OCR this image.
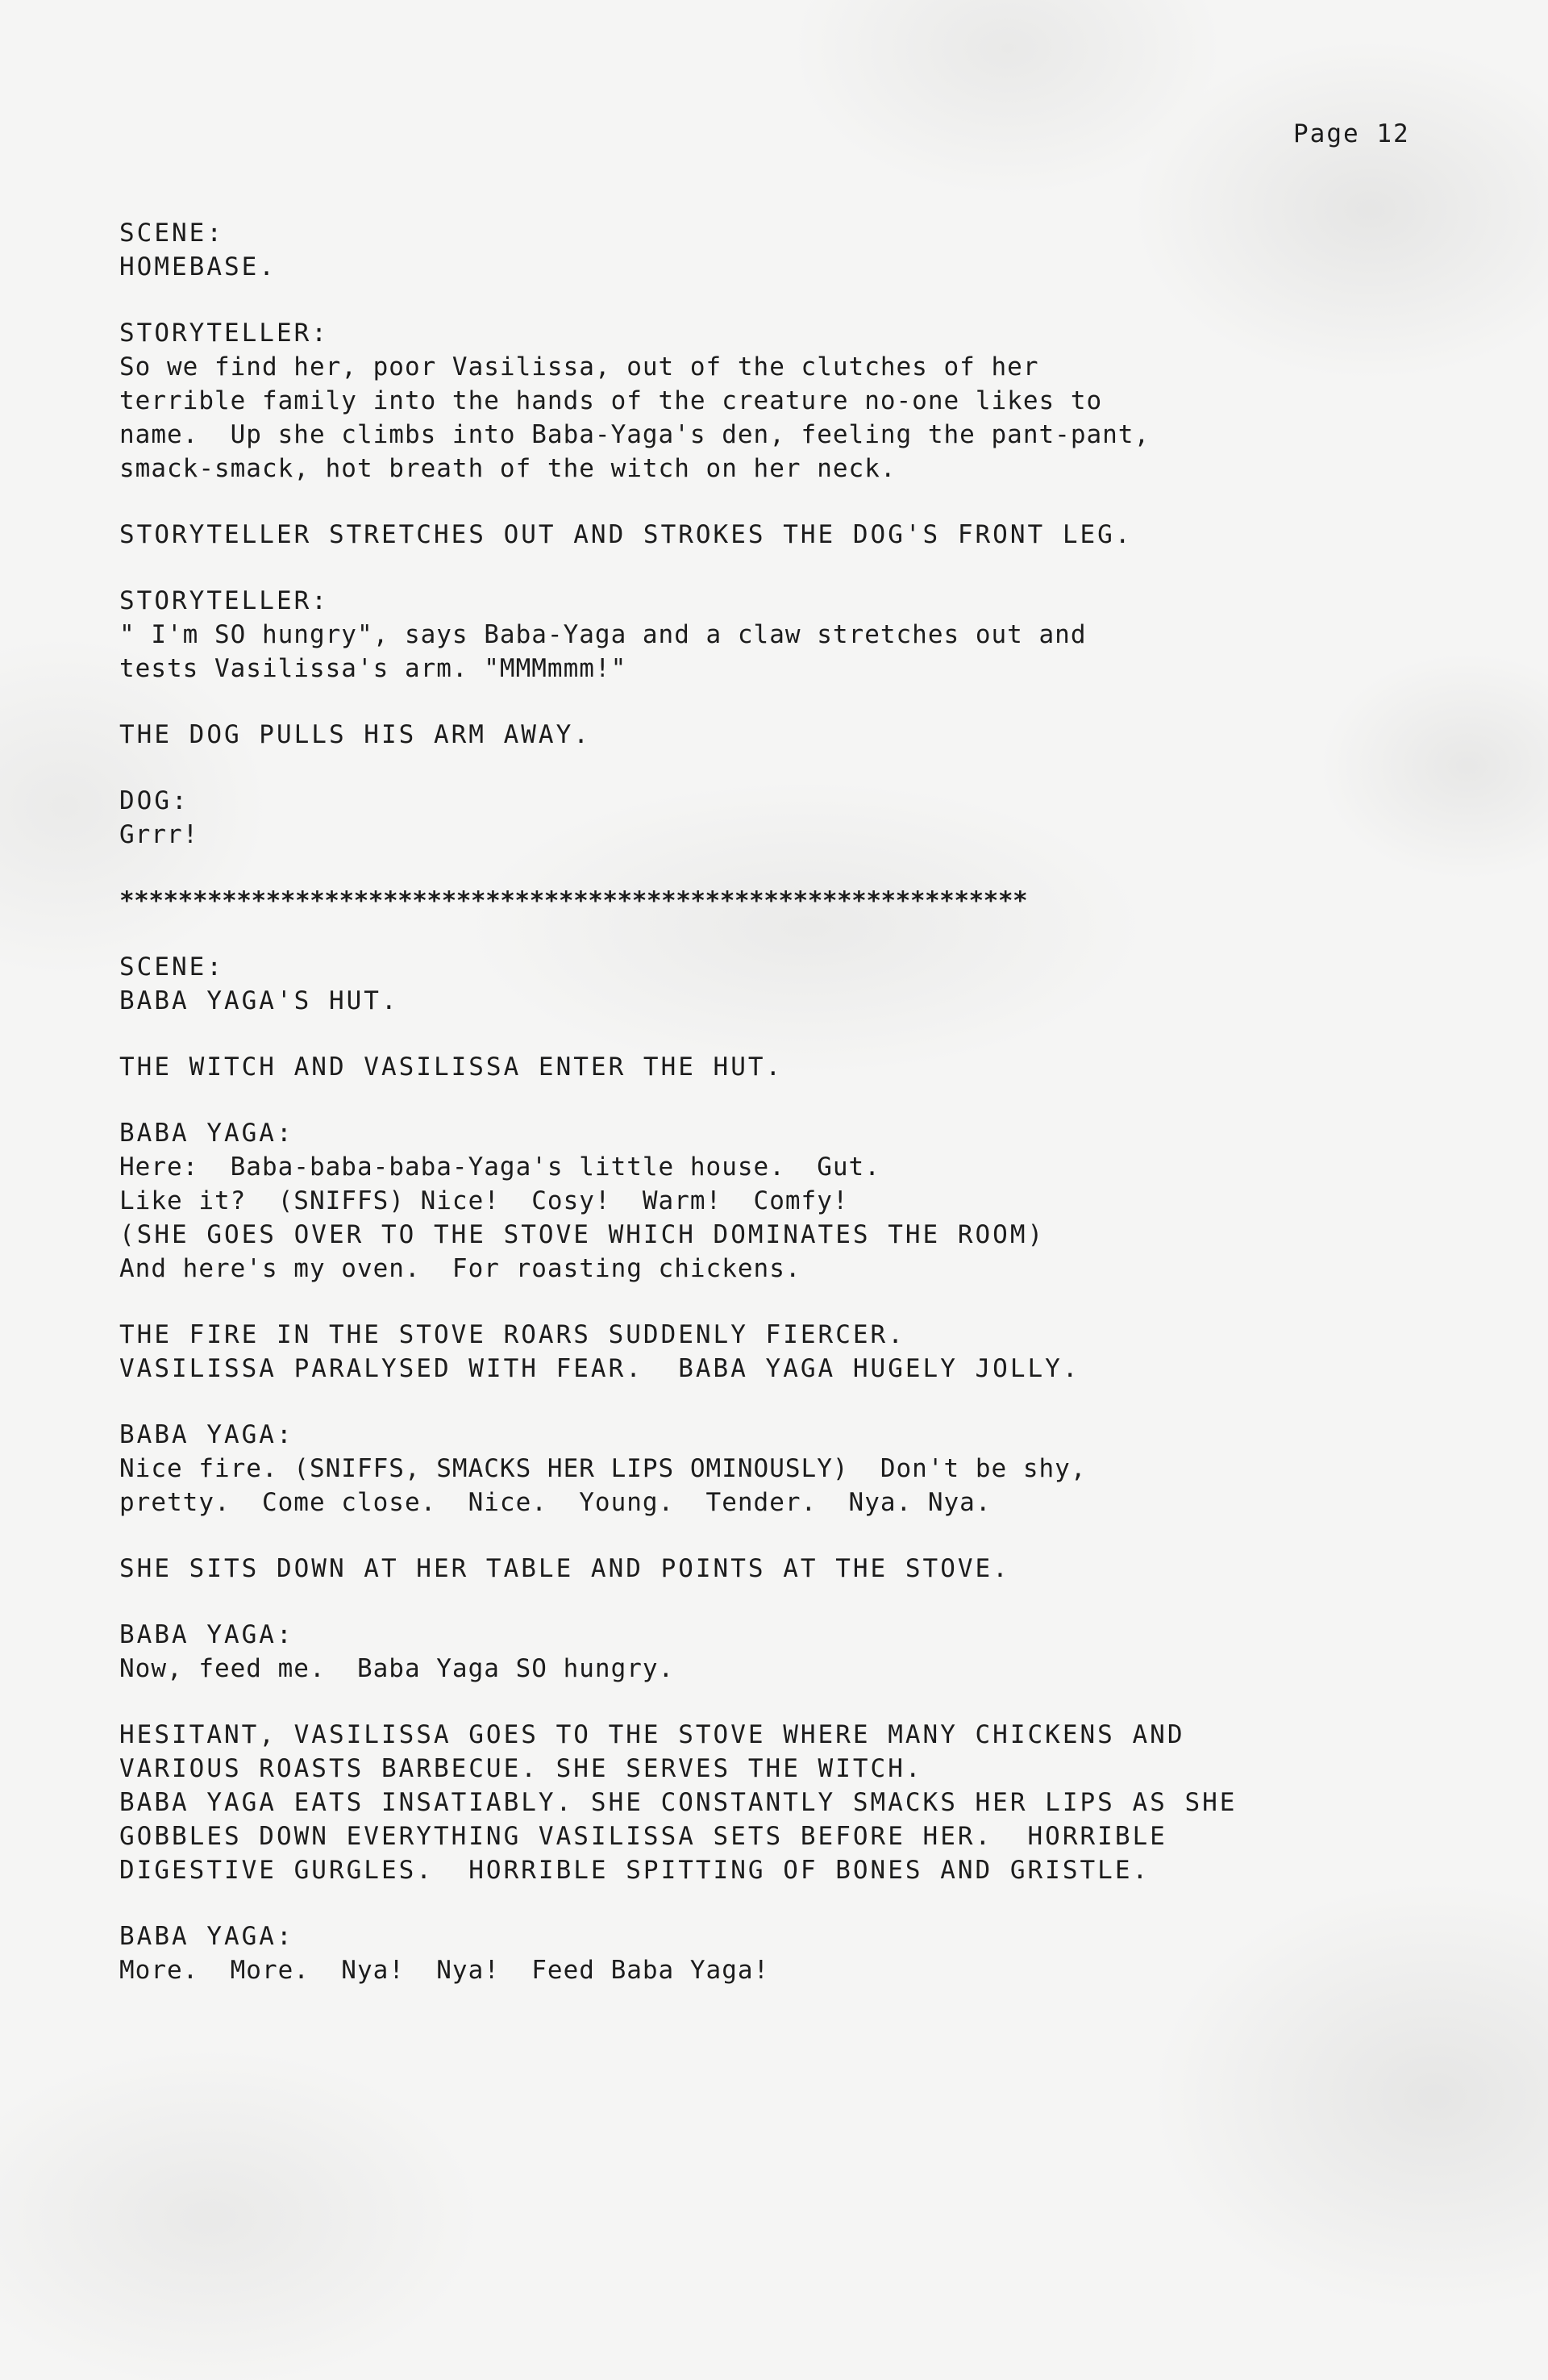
Page 12
SCENE:
HOMEBASE.
STORYTELLER:
So we find her, poor Vasilissa, out of the clutches of her
terrible family into the hands of the creature no-one likes to
name.  Up she climbs into Baba-Yaga's den, feeling the pant-pant,
smack-smack, hot breath of the witch on her neck.
STORYTELLER STRETCHES OUT AND STROKES THE DOG'S FRONT LEG.
STORYTELLER:
" I'm SO hungry", says Baba-Yaga and a claw stretches out and
tests Vasilissa's arm. "MMMmmm!"
THE DOG PULLS HIS ARM AWAY.
DOG:
Grrr!
**************************************************************
SCENE:
BABA YAGA'S HUT.
THE WITCH AND VASILISSA ENTER THE HUT.
BABA YAGA:
Here:  Baba-baba-baba-Yaga's little house.  Gut.
Like it?  (SNIFFS) Nice!  Cosy!  Warm!  Comfy!
(SHE GOES OVER TO THE STOVE WHICH DOMINATES THE ROOM)
And here's my oven.  For roasting chickens.
THE FIRE IN THE STOVE ROARS SUDDENLY FIERCER.
VASILISSA PARALYSED WITH FEAR.  BABA YAGA HUGELY JOLLY.
BABA YAGA:
Nice fire. (SNIFFS, SMACKS HER LIPS OMINOUSLY)  Don't be shy,
pretty.  Come close.  Nice.  Young.  Tender.  Nya. Nya.
SHE SITS DOWN AT HER TABLE AND POINTS AT THE STOVE.
BABA YAGA:
Now, feed me.  Baba Yaga SO hungry.
HESITANT, VASILISSA GOES TO THE STOVE WHERE MANY CHICKENS AND
VARIOUS ROASTS BARBECUE. SHE SERVES THE WITCH.
BABA YAGA EATS INSATIABLY. SHE CONSTANTLY SMACKS HER LIPS AS SHE
GOBBLES DOWN EVERYTHING VASILISSA SETS BEFORE HER.  HORRIBLE
DIGESTIVE GURGLES.  HORRIBLE SPITTING OF BONES AND GRISTLE.
BABA YAGA:
More.  More.  Nya!  Nya!  Feed Baba Yaga!
